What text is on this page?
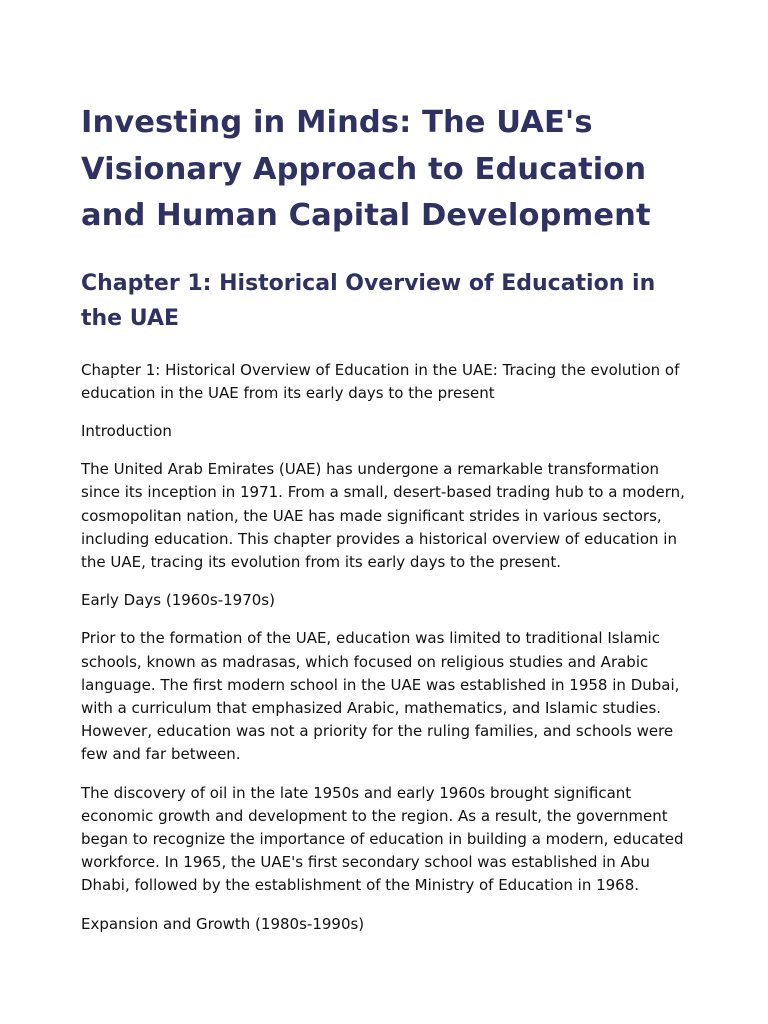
Investing in Minds: The UAE's Visionary Approach to Education and Human Capital Development
Chapter 1: Historical Overview of Education in the UAE

Chapter 1: Historical Overview of Education in the UAE: Tracing the evolution of education in the UAE from its early days to the present

Introduction

The United Arab Emirates (UAE) has undergone a remarkable transformation since its inception in 1971. From a small, desert-based trading hub to a modern, cosmopolitan nation, the UAE has made significant strides in various sectors, including education. This chapter provides a historical overview of education in the UAE, tracing its evolution from its early days to the present.

Early Days (1960s-1970s)

Prior to the formation of the UAE, education was limited to traditional Islamic schools, known as madrasas, which focused on religious studies and Arabic language. The first modern school in the UAE was established in 1958 in Dubai, with a curriculum that emphasized Arabic, mathematics, and Islamic studies. However, education was not a priority for the ruling families, and schools were few and far between.

The discovery of oil in the late 1950s and early 1960s brought significant economic growth and development to the region. As a result, the government began to recognize the importance of education in building a modern, educated workforce. In 1965, the UAE's first secondary school was established in Abu Dhabi, followed by the establishment of the Ministry of Education in 1968.

Expansion and Growth (1980s-1990s)
